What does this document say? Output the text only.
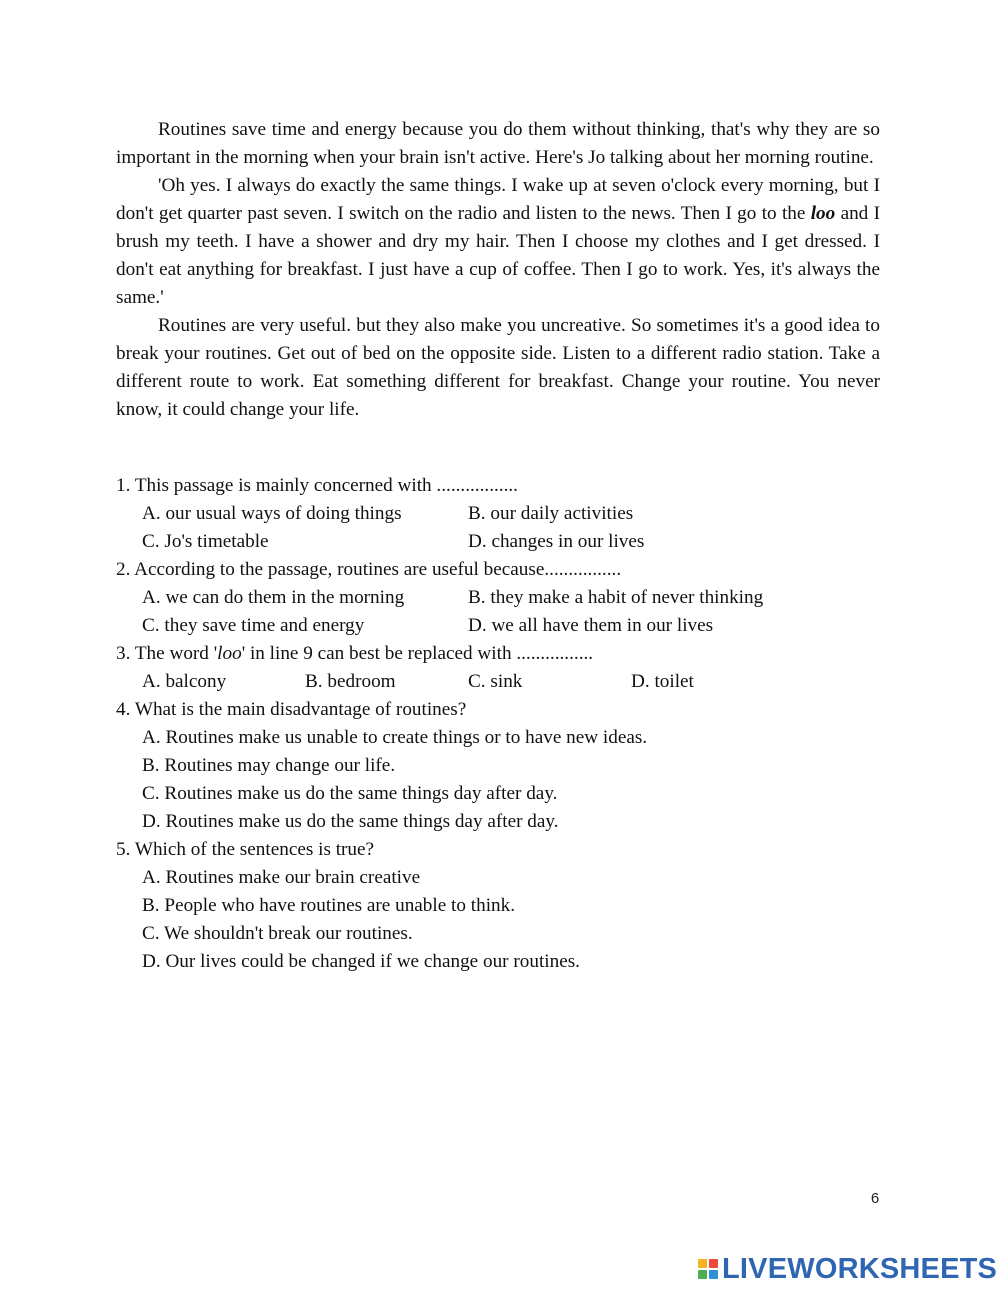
Routines save time and energy because you do them without thinking, that's why they are so important in the morning when your brain isn't active. Here's Jo talking about her morning routine.

'Oh yes. I always do exactly the same things. I wake up at seven o'clock every morning, but I don't get quarter past seven. I switch on the radio and listen to the news. Then I go to the loo and I brush my teeth. I have a shower and dry my hair. Then I choose my clothes and I get dressed. I don't eat anything for breakfast. I just have a cup of coffee. Then I go to work. Yes, it's always the same.'

Routines are very useful. but they also make you uncreative. So sometimes it's a good idea to break your routines. Get out of bed on the opposite side. Listen to a different radio station. Take a different route to work. Eat something different for breakfast. Change your routine. You never know, it could change your life.

1. This passage is mainly concerned with .................
A. our usual ways of doing things	B. our daily activities
C. Jo's timetable	D. changes in our lives
2. According to the passage, routines are useful because................
A. we can do them in the morning	B. they make a habit of never thinking
C. they save time and energy	D. we all have them in our lives
3. The word 'loo' in line 9 can best be replaced with ................
A. balcony	B. bedroom	C. sink	D. toilet
4. What is the main disadvantage of routines?
A. Routines make us unable to create things or to have new ideas.
B. Routines may change our life.
C. Routines make us do the same things day after day.
D. Routines make us do the same things day after day.
5. Which of the sentences is true?
A. Routines make our brain creative
B. People who have routines are unable to think.
C. We shouldn't break our routines.
D. Our lives could be changed if we change our routines.
6
LIVEWORKSHEETS
